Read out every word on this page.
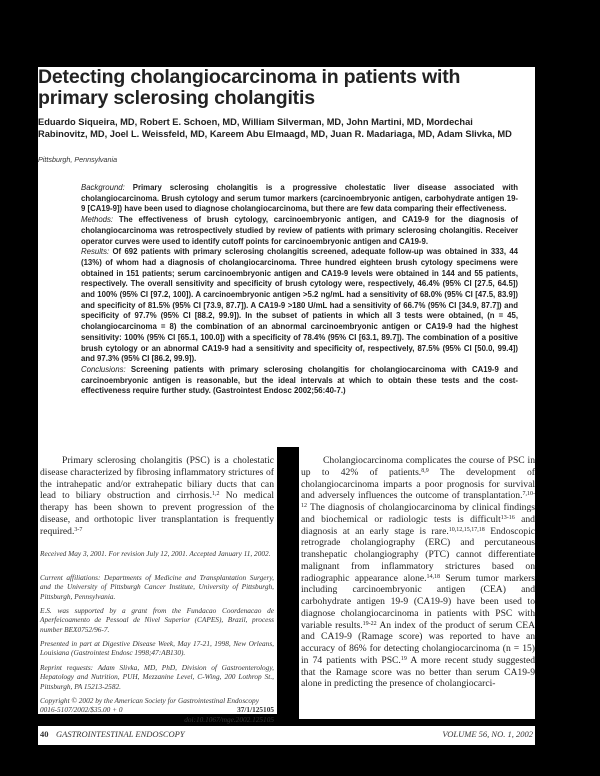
Detecting cholangiocarcinoma in patients with primary sclerosing cholangitis
Eduardo Siqueira, MD, Robert E. Schoen, MD, William Silverman, MD, John Martini, MD, Mordechai Rabinovitz, MD, Joel L. Weissfeld, MD, Kareem Abu Elmaagd, MD, Juan R. Madariaga, MD, Adam Slivka, MD
Pittsburgh, Pennsylvania

Background: Primary sclerosing cholangitis is a progressive cholestatic liver disease associated with cholangiocarcinoma. Brush cytology and serum tumor markers (carcinoembryonic antigen, carbohydrate antigen 19-9 [CA19-9]) have been used to diagnose cholangiocarcinoma, but there are few data comparing their effectiveness.

Methods: The effectiveness of brush cytology, carcinoembryonic antigen, and CA19-9 for the diagnosis of cholangiocarcinoma was retrospectively studied by review of patients with primary sclerosing cholangitis. Receiver operator curves were used to identify cutoff points for carcinoembryonic antigen and CA19-9.

Results: Of 692 patients with primary sclerosing cholangitis screened, adequate follow-up was obtained in 333, 44 (13%) of whom had a diagnosis of cholangiocarcinoma. Three hundred eighteen brush cytology specimens were obtained in 151 patients; serum carcinoembryonic antigen and CA19-9 levels were obtained in 144 and 55 patients, respectively. The overall sensitivity and specificity of brush cytology were, respectively, 46.4% (95% CI [27.5, 64.5]) and 100% (95% CI [97.2, 100]). A carcinoembryonic antigen >5.2 ng/mL had a sensitivity of 68.0% (95% CI [47.5, 83.9]) and specificity of 81.5% (95% CI [73.9, 87.7]). A CA19-9 >180 U/mL had a sensitivity of 66.7% (95% CI [34.9, 87.7]) and specificity of 97.7% (95% CI [88.2, 99.9]). In the subset of patients in which all 3 tests were obtained, (n = 45, cholangiocarcinoma = 8) the combination of an abnormal carcinoembryonic antigen or CA19-9 had the highest sensitivity: 100% (95% CI [65.1, 100.0]) with a specificity of 78.4% (95% CI [63.1, 89.7]). The combination of a positive brush cytology or an abnormal CA19-9 had a sensitivity and specificity of, respectively, 87.5% (95% CI [50.0, 99.4]) and 97.3% (95% CI [86.2, 99.9]).

Conclusions: Screening patients with primary sclerosing cholangitis for cholangiocarcinoma with CA19-9 and carcinoembryonic antigen is reasonable, but the ideal intervals at which to obtain these tests and the cost-effectiveness require further study. (Gastrointest Endosc 2002;56:40-7.)

Primary sclerosing cholangitis (PSC) is a cholestatic disease characterized by fibrosing inflammatory strictures of the intrahepatic and/or extrahepatic biliary ducts that can lead to biliary obstruction and cirrhosis.$^{1,2}$ No medical therapy has been shown to prevent progression of the disease, and orthotopic liver transplantation is frequently required.$^{3-7}$

Received May 3, 2001. For revision July 12, 2001. Accepted January 11, 2002.

Current affiliations: Departments of Medicine and Transplantation Surgery, and the University of Pittsburgh Cancer Institute, University of Pittsburgh, Pittsburgh, Pennsylvania.

E.S. was supported by a grant from the Fundacao Coordenacao de Aperfeicoamento de Pessoal de Nivel Superior (CAPES), Brazil, process number BEX0752/96-7.

Presented in part at Digestive Disease Week, May 17-21, 1998, New Orleans, Louisiana (Gastrointest Endosc 1998;47:AB130).

Reprint requests: Adam Slivka, MD, PhD, Division of Gastroenterology, Hepatology and Nutrition, PUH, Mezzanine Level, C-Wing, 200 Lothrop St., Pittsburgh, PA 15213-2582.

Copyright © 2002 by the American Society for Gastrointestinal Endoscopy
0016-5107/2002/$35.00 + 0	37/1/125105
doi:10.1067/mge.2002.125105

Cholangiocarcinoma complicates the course of PSC in up to 42% of patients.$^{8,9}$ The development of cholangiocarcinoma imparts a poor prognosis for survival and adversely influences the outcome of transplantation.$^{7,10-12}$ The diagnosis of cholangiocarcinoma by clinical findings and biochemical or radiologic tests is difficult$^{13-16}$ and diagnosis at an early stage is rare.$^{10,12,15,17,18}$ Endoscopic retrograde cholangiography (ERC) and percutaneous transhepatic cholangiography (PTC) cannot differentiate malignant from inflammatory strictures based on radiographic appearance alone.$^{14,18}$ Serum tumor markers including carcinoembryonic antigen (CEA) and carbohydrate antigen 19-9 (CA19-9) have been used to diagnose cholangiocarcinoma in patients with PSC with variable results.$^{19-22}$ An index of the product of serum CEA and CA19-9 (Ramage score) was reported to have an accuracy of 86% for detecting cholangiocarcinoma (n = 15) in 74 patients with PSC.$^{19}$ A more recent study suggested that the Ramage score was no better than serum CA19-9 alone in predicting the presence of cholangiocarci-

40 GASTROINTESTINAL ENDOSCOPY	VOLUME 56, NO. 1, 2002
